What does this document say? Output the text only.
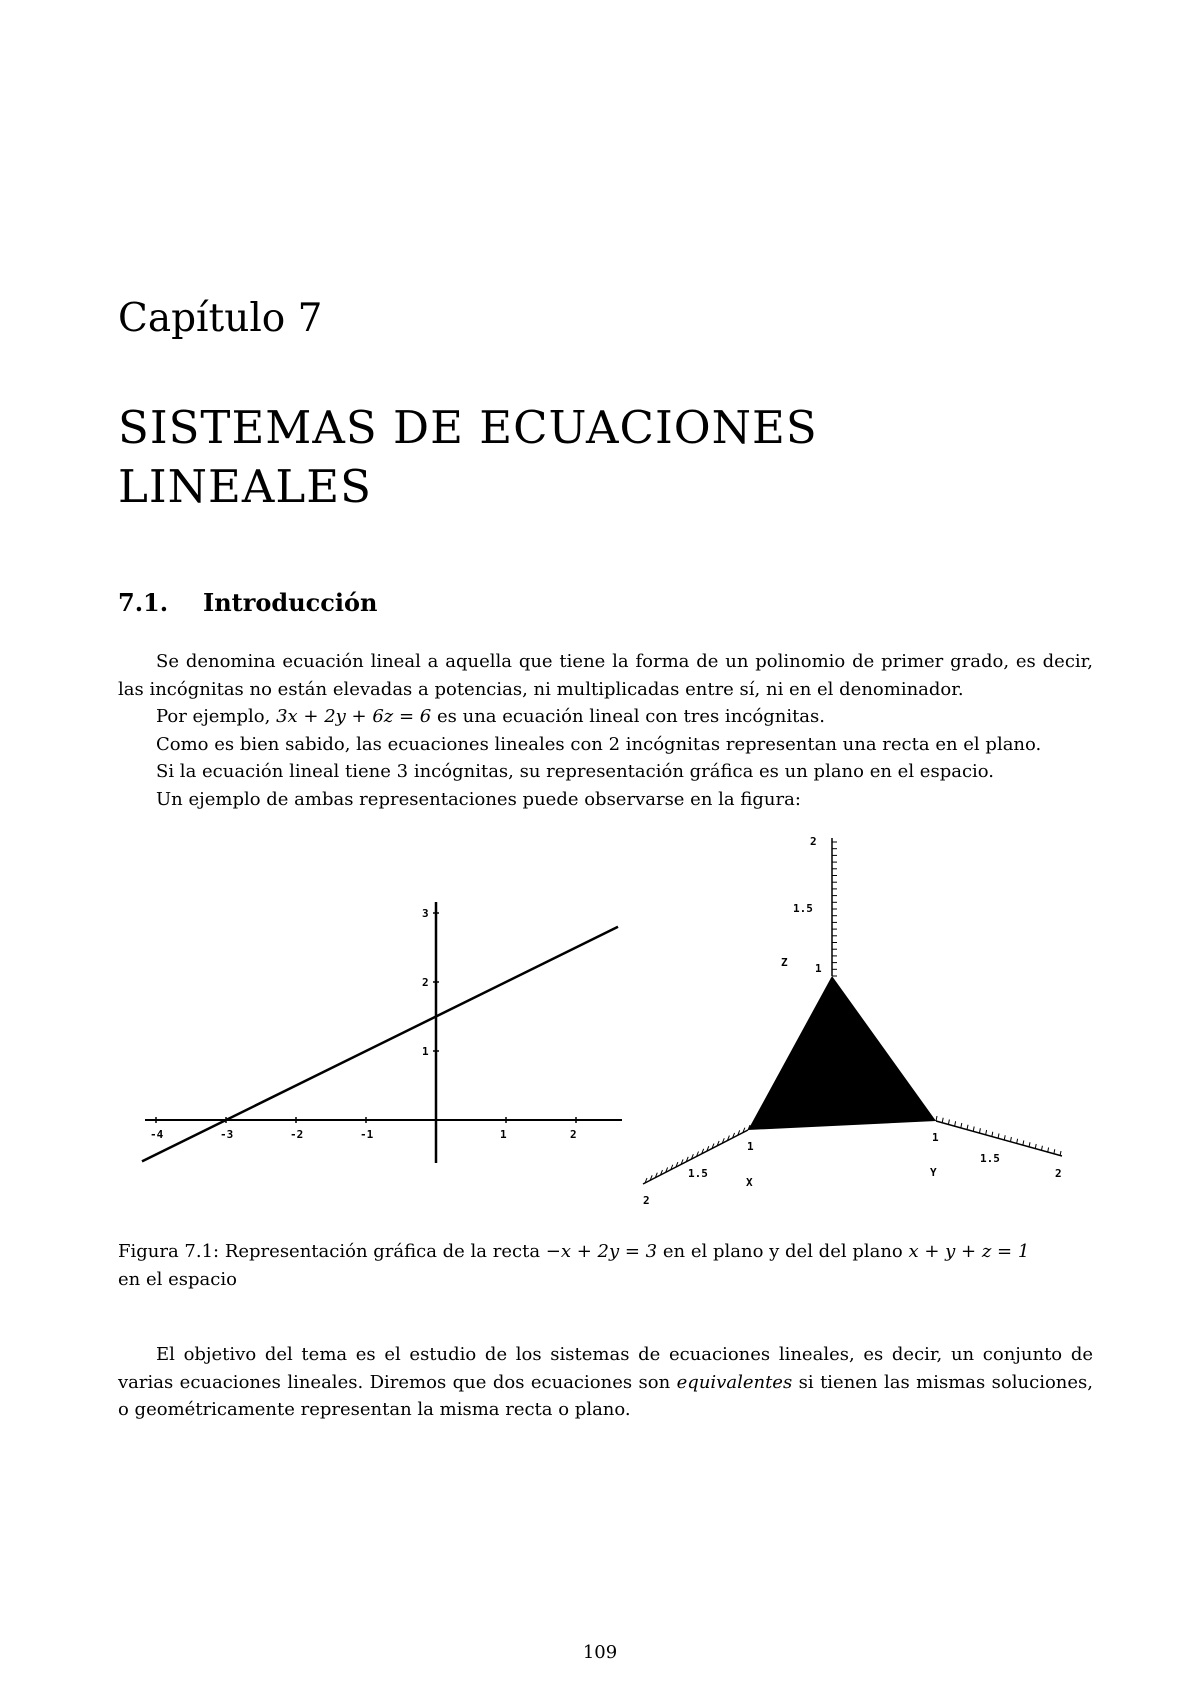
Capítulo 7
SISTEMAS DE ECUACIONES
LINEALES
7.1. Introducción

Se denomina ecuación lineal a aquella que tiene la forma de un polinomio de primer grado, es decir, las incógnitas no están elevadas a potencias, ni multiplicadas entre sí, ni en el denominador.

Por ejemplo, 3x + 2y + 6z = 6 es una ecuación lineal con tres incógnitas.

Como es bien sabido, las ecuaciones lineales con 2 incógnitas representan una recta en el plano.

Si la ecuación lineal tiene 3 incógnitas, su representación gráfica es un plano en el espacio.

Un ejemplo de ambas representaciones puede observarse en la figura:

-4	-3	-2	-1	1	2
1
2
3
2
1.5
1
Z
1
1.5
2
X
1
1.5
2
Y

Figura 7.1: Representación gráfica de la recta −x + 2y = 3 en el plano y del del plano x + y + z = 1
en el espacio

El objetivo del tema es el estudio de los sistemas de ecuaciones lineales, es decir, un conjunto de varias ecuaciones lineales. Diremos que dos ecuaciones son equivalentes si tienen las mismas soluciones, o geométricamente representan la misma recta o plano.

109
